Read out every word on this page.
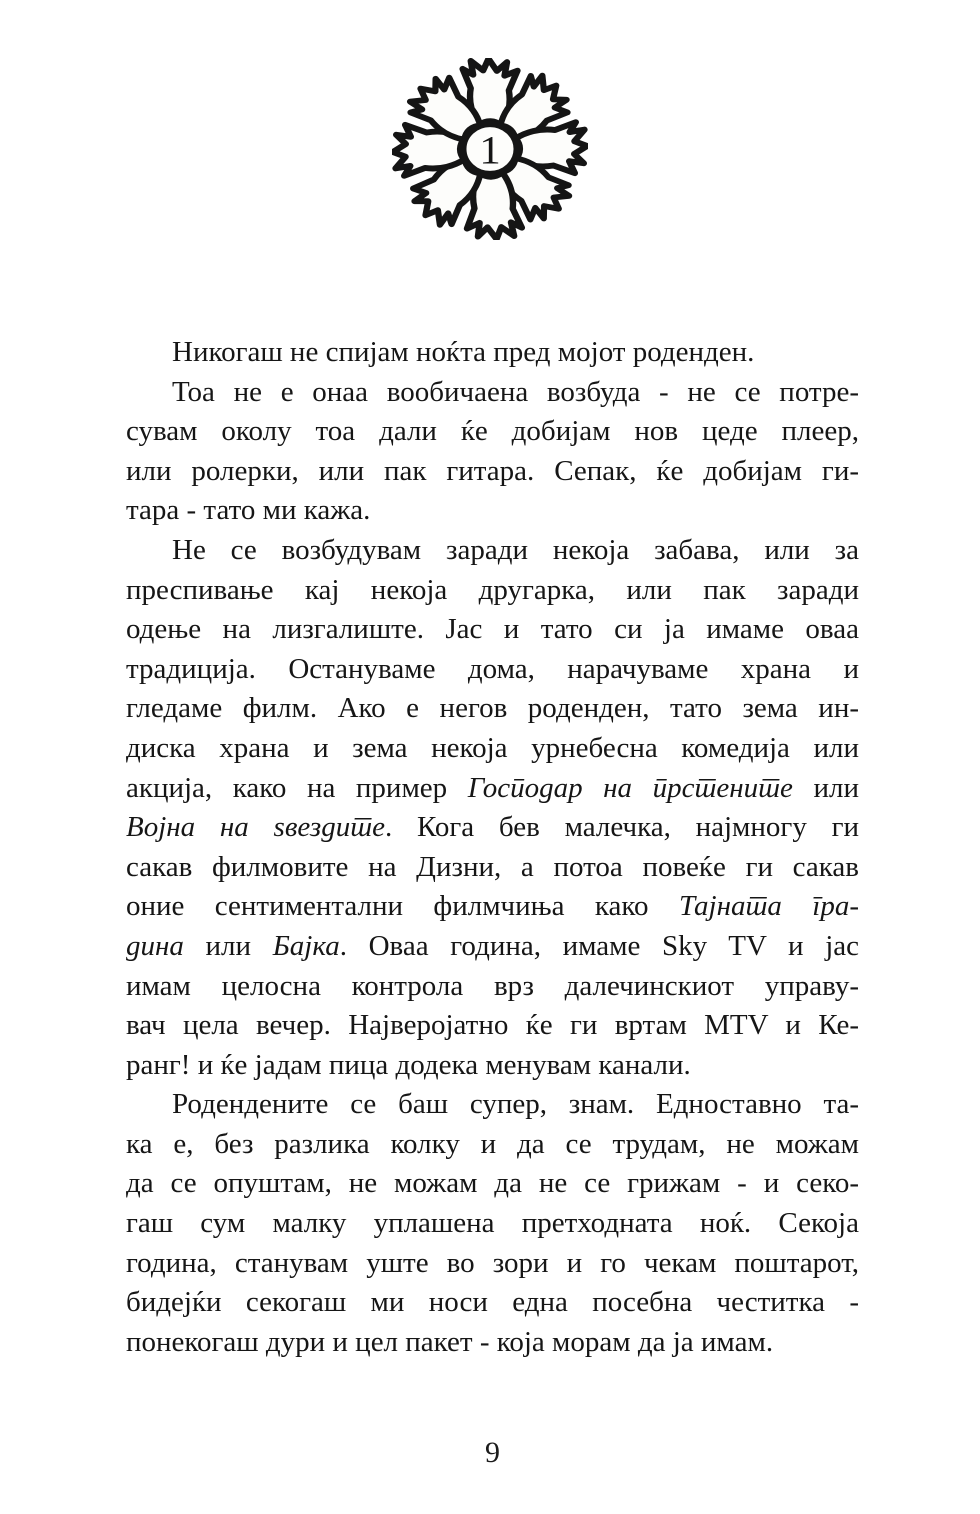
1
Никогаш не спијам ноќта пред мојот роденден.
Тоа не е онаа вообичаена возбуда - не се потре-
сувам околу тоа дали ќе добијам нов цеде плеер,
или ролерки, или пак гитара. Сепак, ќе добијам ги-
тара - тато ми кажа.
Не се возбудувам заради некоја забава, или за
преспивање кај некоја другарка, или пак заради
одење на лизгалиште. Јас и тато си ја имаме оваа
традиција. Остануваме дома, нарачуваме храна и
гледаме филм. Ако е негов роденден, тато зема ин-
диска храна и зема некоја урнебесна комедија или
акција, како на пример Господар на прстените или
Војна на ѕвездите. Кога бев малечка, најмногу ги
сакав филмовите на Дизни, а потоа повеќе ги сакав
оние сентиментални филмчиња како Тајната гра-
дина или Бајка. Оваа година, имаме Sky TV и јас
имам целосна контрола врз далечинскиот управу-
вач цела вечер. Најверојатно ќе ги вртам MTV и Ке-
ранг! и ќе јадам пица додека менувам канали.
Родендените се баш супер, знам. Едноставно та-
ка е, без разлика колку и да се трудам, не можам
да се опуштам, не можам да не се грижам - и секо-
гаш сум малку уплашена претходната ноќ. Секоја
година, станувам уште во зори и го чекам поштарот,
бидејќи секогаш ми носи една посебна честитка -
понекогаш дури и цел пакет - која морам да ја имам.
9
